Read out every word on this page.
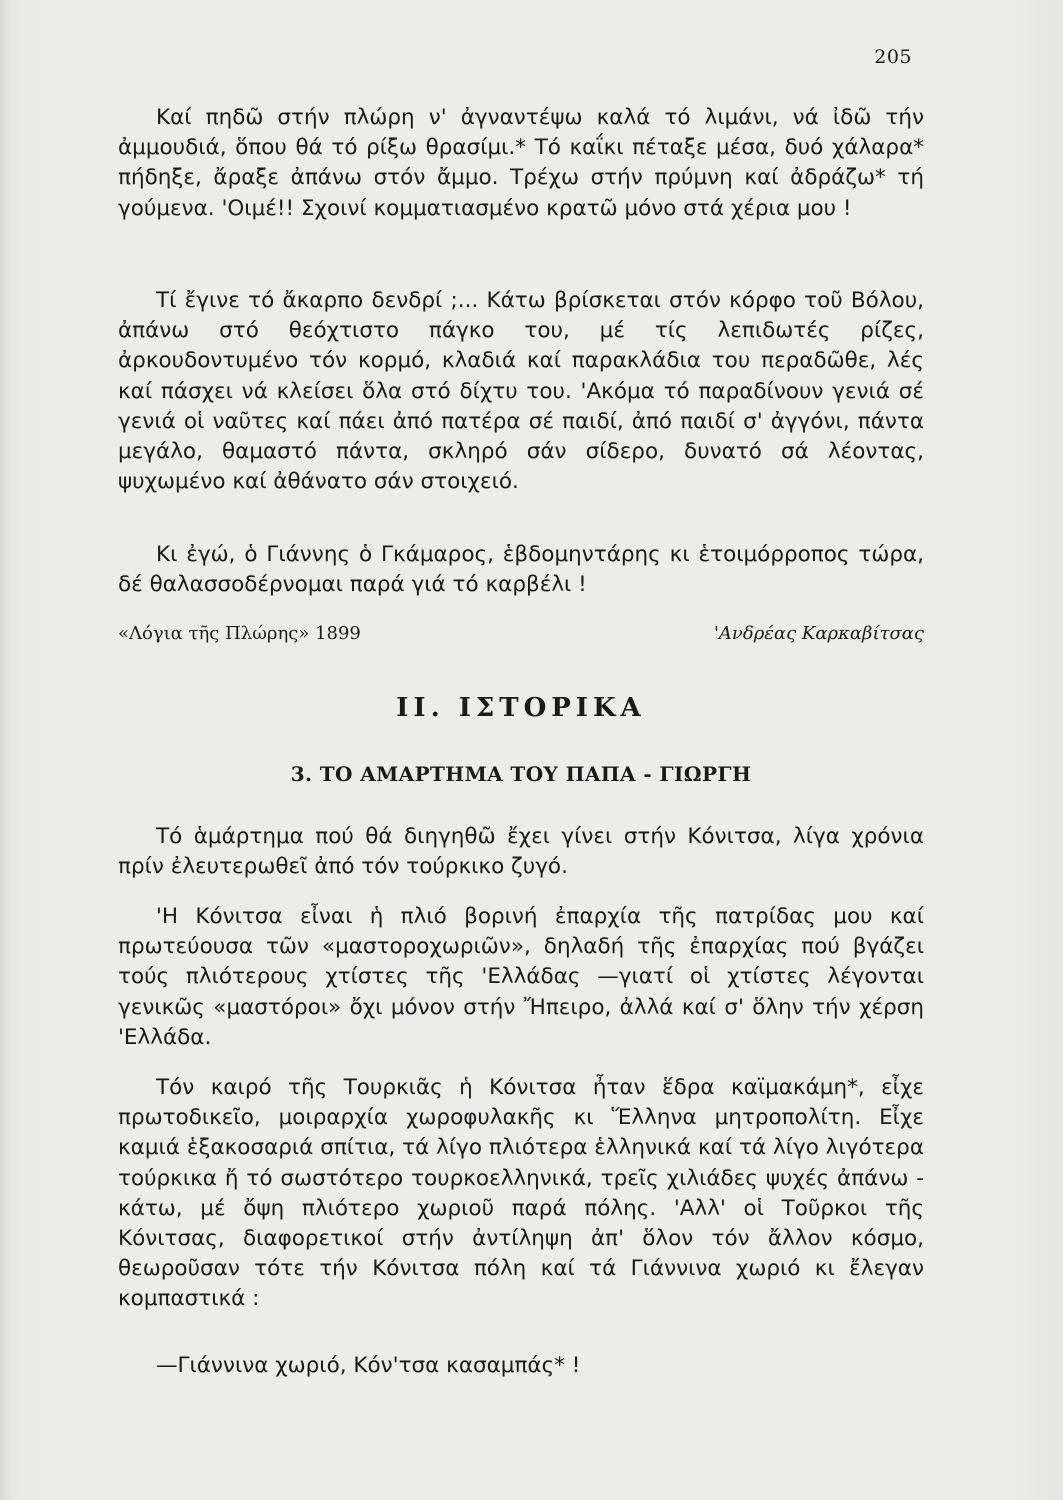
205

Καί πηδῶ στήν πλώρη ν' ἀγναντέψω καλά τό λιμάνι, νά ἰδῶ τήν ἀμμουδιά, ὅπου θά τό ρίξω θρασίμι.* Τό καΐκι πέταξε μέσα, δυό χάλαρα* πήδηξε, ἄραξε ἀπάνω στόν ἄμμο. Τρέχω στήν πρύμνη καί ἀδράζω* τή γούμενα. 'Οιμέ!! Σχοινί κομματιασμένο κρατῶ μόνο στά χέρια μου !

Τί ἔγινε τό ἄκαρπο δενδρί ;... Κάτω βρίσκεται στόν κόρφο τοῦ Βόλου, ἀπάνω στό θεόχτιστο πάγκο του, μέ τίς λεπιδωτές ρίζες, ἀρκουδοντυμένο τόν κορμό, κλαδιά καί παρακλάδια του περαδῶθε, λές καί πάσχει νά κλείσει ὅλα στό δίχτυ του. 'Ακόμα τό παραδίνουν γενιά σέ γενιά οἱ ναῦτες καί πάει ἀπό πατέρα σέ παιδί, ἀπό παιδί σ' ἀγγόνι, πάντα μεγάλο, θαμαστό πάντα, σκληρό σάν σίδερο, δυνατό σά λέοντας, ψυχωμένο καί ἀθάνατο σάν στοιχειό.

Κι ἐγώ, ὁ Γιάννης ὁ Γκάμαρος, ἑβδομηντάρης κι ἑτοιμόρροπος τώρα, δέ θαλασσοδέρνομαι παρά γιά τό καρβέλι !

«Λόγια τῆς Πλώρης» 1899	'Ανδρέας Καρκαβίτσας
ΙΙ. ΙΣΤΟΡΙΚΑ
3. ΤΟ ΑΜΑΡΤΗΜΑ ΤΟΥ ΠΑΠΑ - ΓΙΩΡΓΗ

Τό ἁμάρτημα πού θά διηγηθῶ ἔχει γίνει στήν Κόνιτσα, λίγα χρόνια πρίν ἐλευτερωθεῖ ἀπό τόν τούρκικο ζυγό.

'Η Κόνιτσα εἶναι ἡ πλιό βορινή ἐπαρχία τῆς πατρίδας μου καί πρωτεύουσα τῶν «μαστοροχωριῶν», δηλαδή τῆς ἐπαρχίας πού βγάζει τούς πλιότερους χτίστες τῆς 'Ελλάδας —γιατί οἱ χτίστες λέγονται γενικῶς «μαστόροι» ὄχι μόνον στήν Ἤπειρο, ἀλλά καί σ' ὅλην τήν χέρση 'Ελλάδα.

Τόν καιρό τῆς Τουρκιᾶς ἡ Κόνιτσα ἦταν ἕδρα καϊμακάμη*, εἶχε πρωτοδικεῖο, μοιραρχία χωροφυλακῆς κι Ἕλληνα μητροπολίτη. Εἶχε καμιά ἑξακοσαριά σπίτια, τά λίγο πλιότερα ἑλληνικά καί τά λίγο λιγότερα τούρκικα ἤ τό σωστότερο τουρκοελληνικά, τρεῖς χιλιάδες ψυχές ἀπάνω - κάτω, μέ ὄψη πλιότερο χωριοῦ παρά πόλης. 'Αλλ' οἱ Τοῦρκοι τῆς Κόνιτσας, διαφορετικοί στήν ἀντίληψη ἀπ' ὅλον τόν ἄλλον κόσμο, θεωροῦσαν τότε τήν Κόνιτσα πόλη καί τά Γιάννινα χωριό κι ἔλεγαν κομπαστικά :

—Γιάννινα χωριό, Κόν'τσα κασαμπάς* !
